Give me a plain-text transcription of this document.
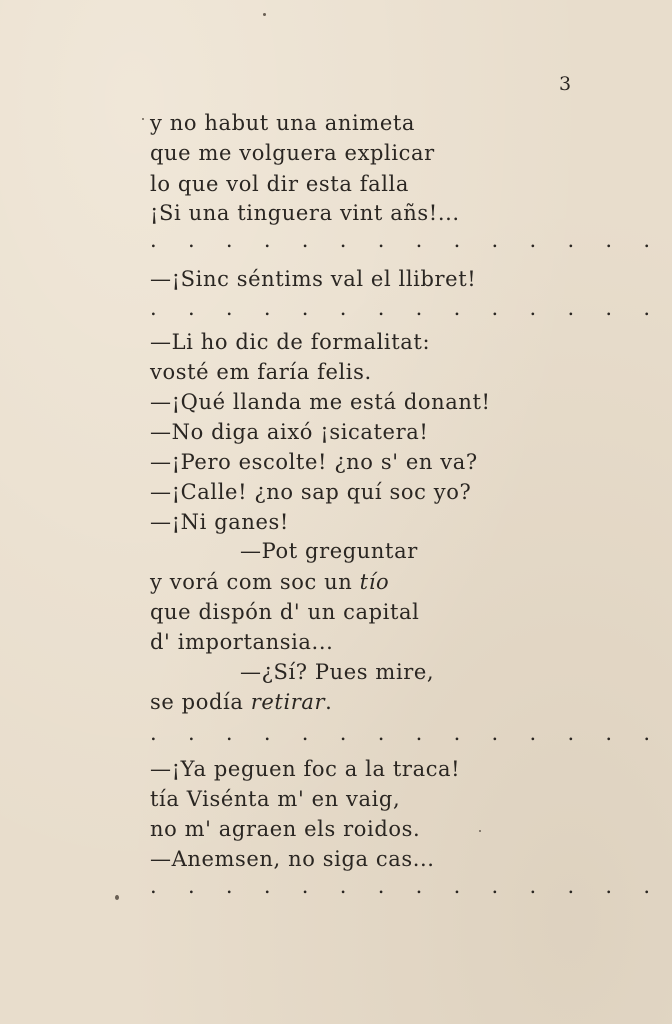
3
y no habut una animeta
que me volguera explicar
lo que vol dir esta falla
¡Si una tinguera vint añs!...
. . . . . . . . . . . . . .
—¡Sinc séntims val el llibret!
. . . . . . . . . . . . . .
—Li ho dic de formalitat:
vosté em faría felis.
—¡Qué llanda me está donant!
—No diga aixó ¡sicatera!
—¡Pero escolte! ¿no s' en va?
—¡Calle! ¿no sap quí soc yo?
—¡Ni ganes!
—Pot greguntar
y vorá com soc un tío
que dispón d' un capital
d' importansia...
—¿Sí? Pues mire,
se podía retirar.
. . . . . . . . . . . . . .
—¡Ya peguen foc a la traca!
tía Visénta m' en vaig,
no m' agraen els roidos.
—Anemsen, no siga cas...
. . . . . . . . . . . . . .
